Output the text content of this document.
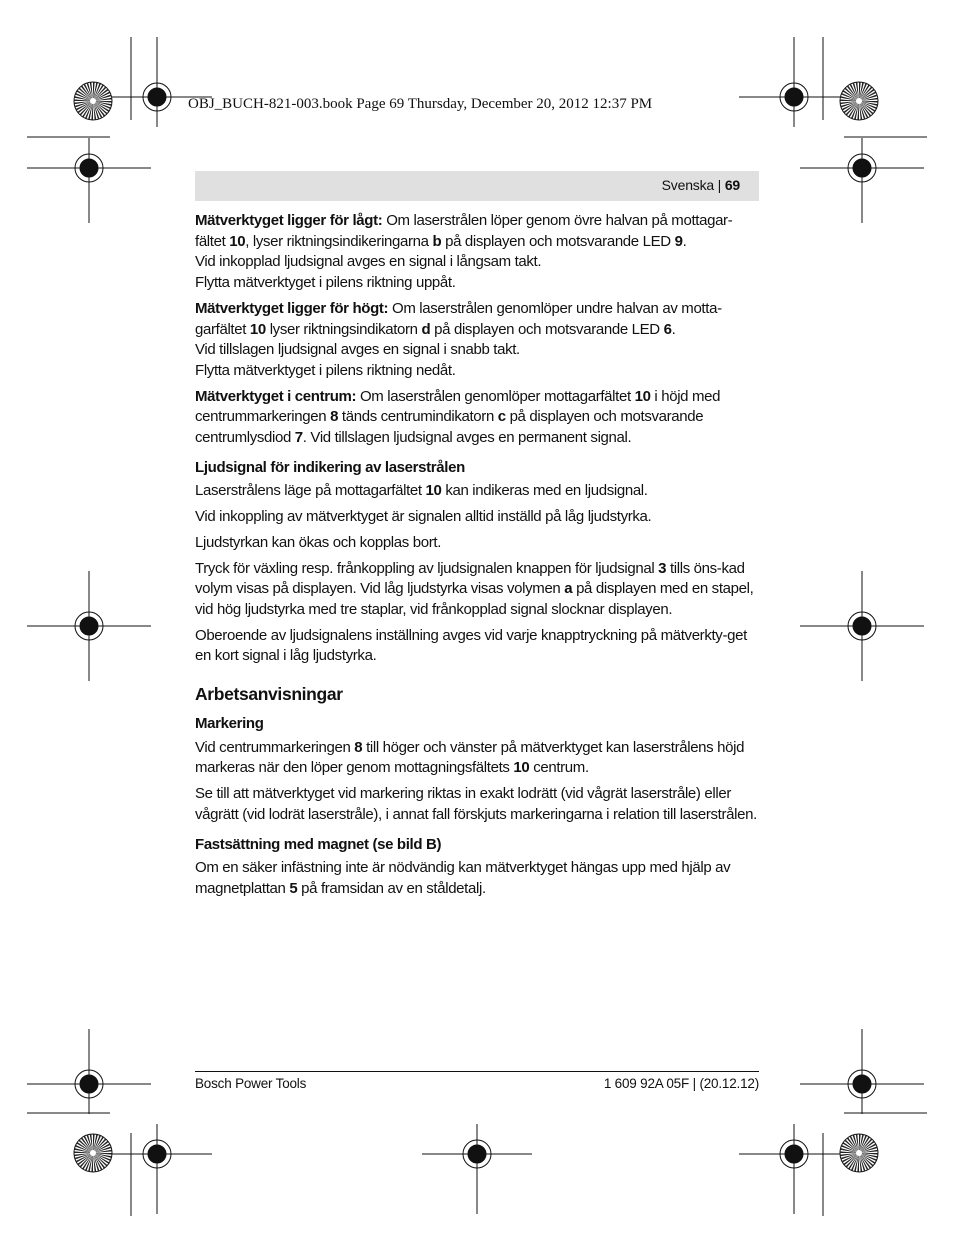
OBJ_BUCH-821-003.book Page 69 Thursday, December 20, 2012 12:37 PM
Svenska | 69

Mätverktyget ligger för lågt: Om laserstrålen löper genom övre halvan på mottagar-fältet 10, lyser riktningsindikeringarna b på displayen och motsvarande LED 9.
Vid inkopplad ljudsignal avges en signal i långsam takt.
Flytta mätverktyget i pilens riktning uppåt.

Mätverktyget ligger för högt: Om laserstrålen genomlöper undre halvan av motta-garfältet 10 lyser riktningsindikatorn d på displayen och motsvarande LED 6.
Vid tillslagen ljudsignal avges en signal i snabb takt.
Flytta mätverktyget i pilens riktning nedåt.

Mätverktyget i centrum: Om laserstrålen genomlöper mottagarfältet 10 i höjd med centrummarkeringen 8 tänds centrumindikatorn c på displayen och motsvarande centrumlysdiod 7. Vid tillslagen ljudsignal avges en permanent signal.

Ljudsignal för indikering av laserstrålen

Laserstrålens läge på mottagarfältet 10 kan indikeras med en ljudsignal.

Vid inkoppling av mätverktyget är signalen alltid inställd på låg ljudstyrka.

Ljudstyrkan kan ökas och kopplas bort.

Tryck för växling resp. frånkoppling av ljudsignalen knappen för ljudsignal 3 tills öns-kad volym visas på displayen. Vid låg ljudstyrka visas volymen a på displayen med en stapel, vid hög ljudstyrka med tre staplar, vid frånkopplad signal slocknar displayen.

Oberoende av ljudsignalens inställning avges vid varje knapptryckning på mätverkty-get en kort signal i låg ljudstyrka.

Arbetsanvisningar

Markering

Vid centrummarkeringen 8 till höger och vänster på mätverktyget kan laserstrålens höjd markeras när den löper genom mottagningsfältets 10 centrum.

Se till att mätverktyget vid markering riktas in exakt lodrätt (vid vågrät laserstråle) eller vågrätt (vid lodrät laserstråle), i annat fall förskjuts markeringarna i relation till laserstrålen.

Fastsättning med magnet (se bild B)

Om en säker infästning inte är nödvändig kan mätverktyget hängas upp med hjälp av magnetplattan 5 på framsidan av en ståldetalj.

Bosch Power Tools	1 609 92A 05F | (20.12.12)
